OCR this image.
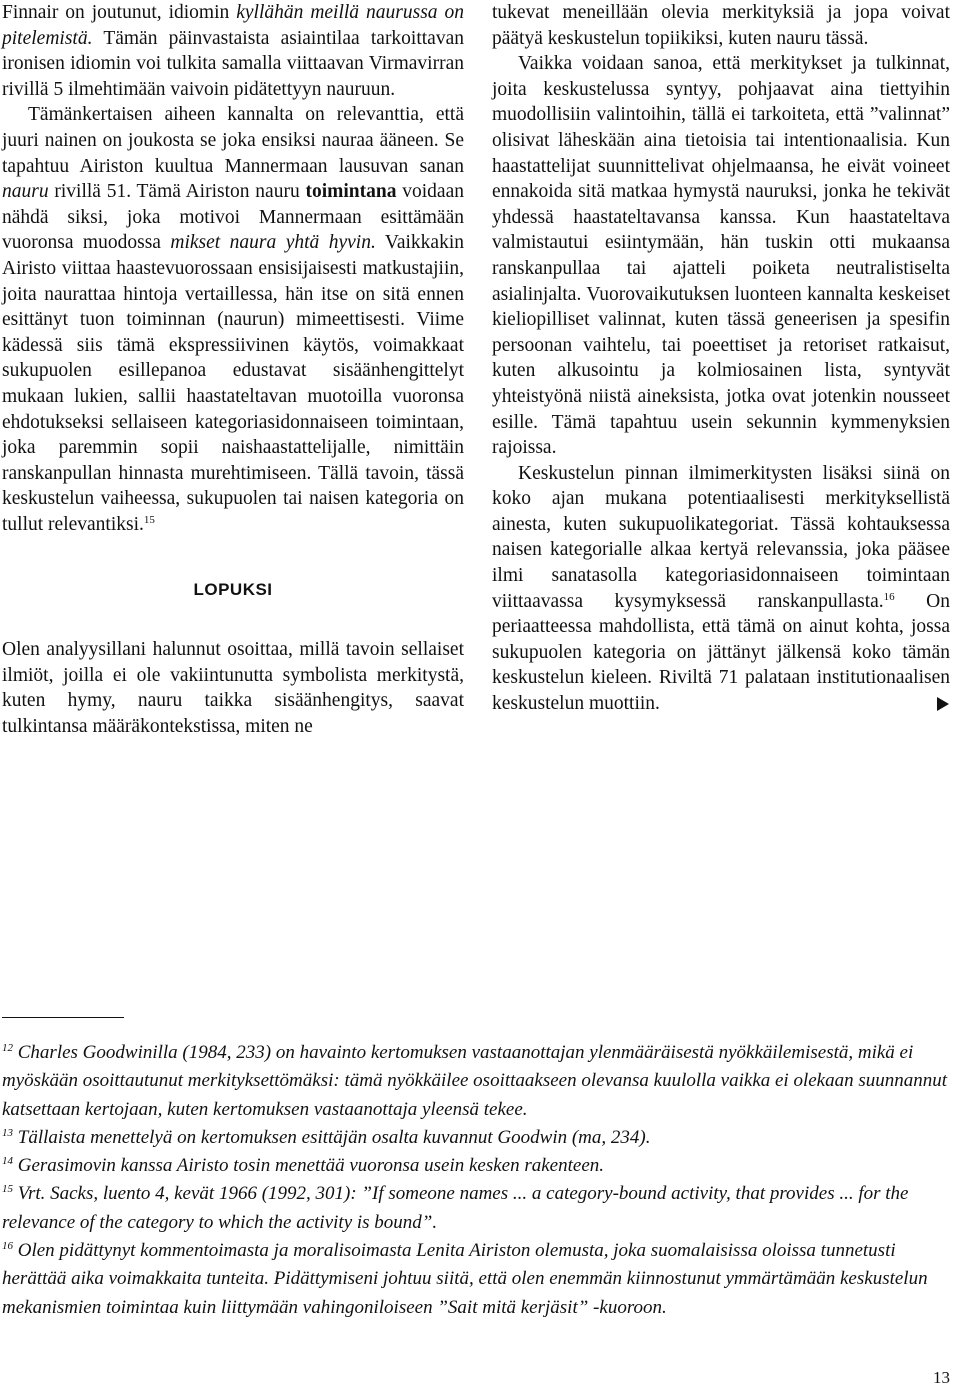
Finnair on joutunut, idiomin kyllähän meillä naurussa on pitelemistä. Tämän päinvastaista asiaintilaa tarkoittavan ironisen idiomin voi tulkita samalla viittaavan Virmavirran rivillä 5 ilmehtimään vaivoin pidätettyyn nauruun.

Tämänkertaisen aiheen kannalta on relevanttia, että juuri nainen on joukosta se joka ensiksi nauraa ääneen. Se tapahtuu Airiston kuultua Mannermaan lausuvan sanan nauru rivillä 51. Tämä Airiston nauru toimintana voidaan nähdä siksi, joka motivoi Mannermaan esittämään vuoronsa muodossa mikset naura yhtä hyvin. Vaikkakin Airisto viittaa haastevuorossaan ensisijaisesti matkustajiin, joita naurattaa hintoja vertaillessa, hän itse on sitä ennen esittänyt tuon toiminnan (naurun) mimeettisesti. Viime kädessä siis tämä ekspressiivinen käytös, voimakkaat sukupuolen esillepanoa edustavat sisäänhengittelyt mukaan lukien, sallii haastateltavan muotoilla vuoronsa ehdotukseksi sellaiseen kategoriasidonnaiseen toimintaan, joka paremmin sopii naishaastattelijalle, nimittäin ranskanpullan hinnasta murehtimiseen. Tällä tavoin, tässä keskustelun vaiheessa, sukupuolen tai naisen kategoria on tullut relevantiksi.$^{15}$

LOPUKSI

Olen analyysillani halunnut osoittaa, millä tavoin sellaiset ilmiöt, joilla ei ole vakiintunutta symbolista merkitystä, kuten hymy, nauru taikka sisäänhengitys, saavat tulkintansa määräkontekstissa, miten ne

tukevat meneillään olevia merkityksiä ja jopa voivat päätyä keskustelun topiikiksi, kuten nauru tässä.

Vaikka voidaan sanoa, että merkitykset ja tulkinnat, joita keskustelussa syntyy, pohjaavat aina tiettyihin muodollisiin valintoihin, tällä ei tarkoiteta, että ”valinnat” olisivat läheskään aina tietoisia tai intentionaalisia. Kun haastattelijat suunnittelivat ohjelmaansa, he eivät voineet ennakoida sitä matkaa hymystä nauruksi, jonka he tekivät yhdessä haastateltavansa kanssa. Kun haastateltava valmistautui esiintymään, hän tuskin otti mukaansa ranskanpullaa tai ajatteli poiketa neutralistiselta asialinjalta. Vuorovaikutuksen luonteen kannalta keskeiset kieliopilliset valinnat, kuten tässä geneerisen ja spesifin persoonan vaihtelu, tai poeettiset ja retoriset ratkaisut, kuten alkusointu ja kolmiosainen lista, syntyvät yhteistyönä niistä aineksista, jotka ovat jotenkin nousseet esille. Tämä tapahtuu usein sekunnin kymmenyksien rajoissa.

Keskustelun pinnan ilmimerkitysten lisäksi siinä on koko ajan mukana potentiaalisesti merkityksellistä ainesta, kuten sukupuolikategoriat. Tässä kohtauksessa naisen kategorialle alkaa kertyä relevanssia, joka pääsee ilmi sanatasolla kategoriasidonnaiseen toimintaan viittaavassa kysymyksessä ranskanpullasta.$^{16}$ On periaatteessa mahdollista, että tämä on ainut kohta, jossa sukupuolen kategoria on jättänyt jälkensä koko tämän keskustelun kieleen. Riviltä 71 palataan institutionaalisen keskustelun muottiin.

$^{12}$ Charles Goodwinilla (1984, 233) on havainto kertomuksen vastaanottajan ylenmääräisestä nyökkäilemisestä, mikä ei myöskään osoittautunut merkityksettömäksi: tämä nyökkäilee osoittaakseen olevansa kuulolla vaikka ei olekaan suunnannut katsettaan kertojaan, kuten kertomuksen vastaanottaja yleensä tekee.

$^{13}$ Tällaista menettelyä on kertomuksen esittäjän osalta kuvannut Goodwin (ma, 234).

$^{14}$ Gerasimovin kanssa Airisto tosin menettää vuoronsa usein kesken rakenteen.

$^{15}$ Vrt. Sacks, luento 4, kevät 1966 (1992, 301): ”If someone names ... a category-bound activity, that provides ... for the relevance of the category to which the activity is bound”.

$^{16}$ Olen pidättynyt kommentoimasta ja moralisoimasta Lenita Airiston olemusta, joka suomalaisissa oloissa tunnetusti herättää aika voimakkaita tunteita. Pidättymiseni johtuu siitä, että olen enemmän kiinnostunut ymmärtämään keskustelun mekanismien toimintaa kuin liittymään vahingoniloiseen ”Sait mitä kerjäsit” -kuoroon.

13
